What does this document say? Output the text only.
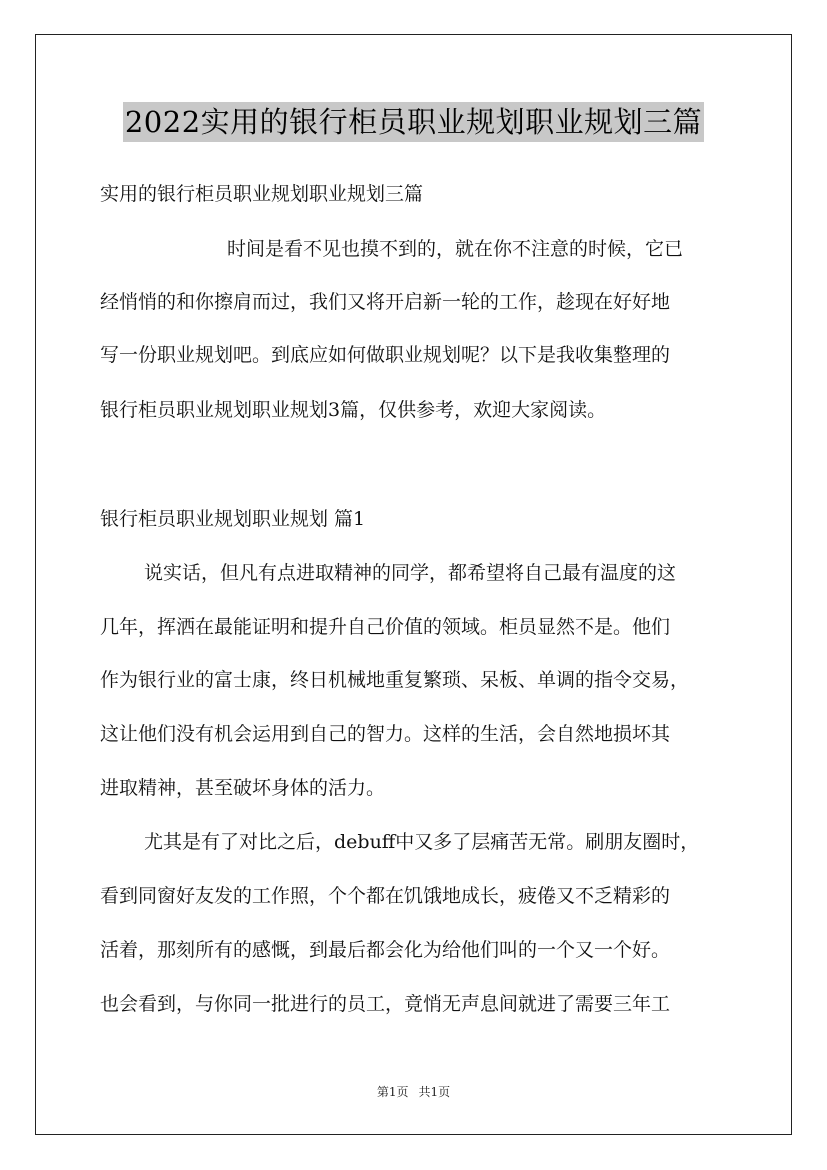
2022实用的银行柜员职业规划职业规划三篇
实用的银行柜员职业规划职业规划三篇
时间是看不见也摸不到的，就在你不注意的时候，它已
经悄悄的和你擦肩而过，我们又将开启新一轮的工作，趁现在好好地
写一份职业规划吧。到底应如何做职业规划呢？以下是我收集整理的
银行柜员职业规划职业规划3篇，仅供参考，欢迎大家阅读。
银行柜员职业规划职业规划 篇1
说实话，但凡有点进取精神的同学，都希望将自己最有温度的这
几年，挥洒在最能证明和提升自己价值的领域。柜员显然不是。他们
作为银行业的富士康，终日机械地重复繁琐、呆板、单调的指令交易，
这让他们没有机会运用到自己的智力。这样的生活，会自然地损坏其
进取精神，甚至破坏身体的活力。
尤其是有了对比之后，debuff中又多了层痛苦无常。刷朋友圈时，
看到同窗好友发的工作照，个个都在饥饿地成长，疲倦又不乏精彩的
活着，那刻所有的感慨，到最后都会化为给他们叫的一个又一个好。
也会看到，与你同一批进行的员工，竟悄无声息间就进了需要三年工
第1页 共1页
